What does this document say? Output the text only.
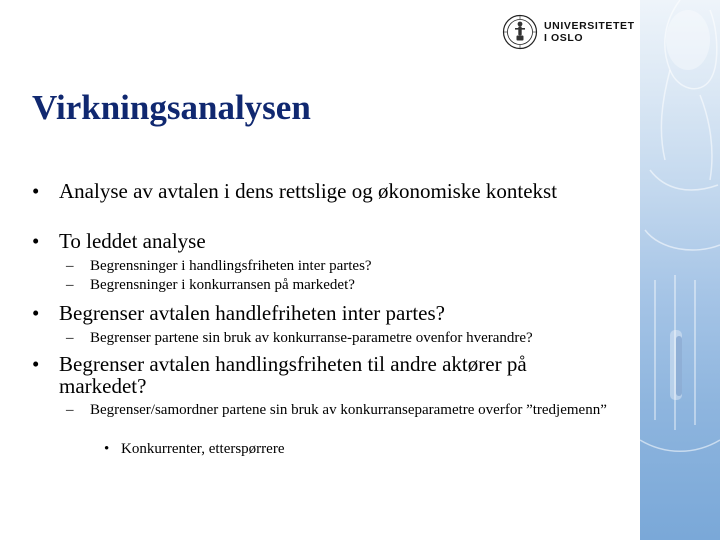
UNIVERSITETET
I OSLO
Virkningsanalysen
• Analyse av avtalen i dens rettslige og økonomiske kontekst
• To leddet analyse
– Begrensninger i handlingsfriheten inter partes?
– Begrensninger i konkurransen på markedet?
• Begrenser avtalen handlefriheten inter partes?
– Begrenser partene sin bruk av konkurranse-parametre ovenfor hverandre?
• Begrenser avtalen handlingsfriheten til andre aktører på markedet?
– Begrenser/samordner partene sin bruk av konkurranseparametre overfor ”tredjemenn”
• Konkurrenter, etterspørrere
